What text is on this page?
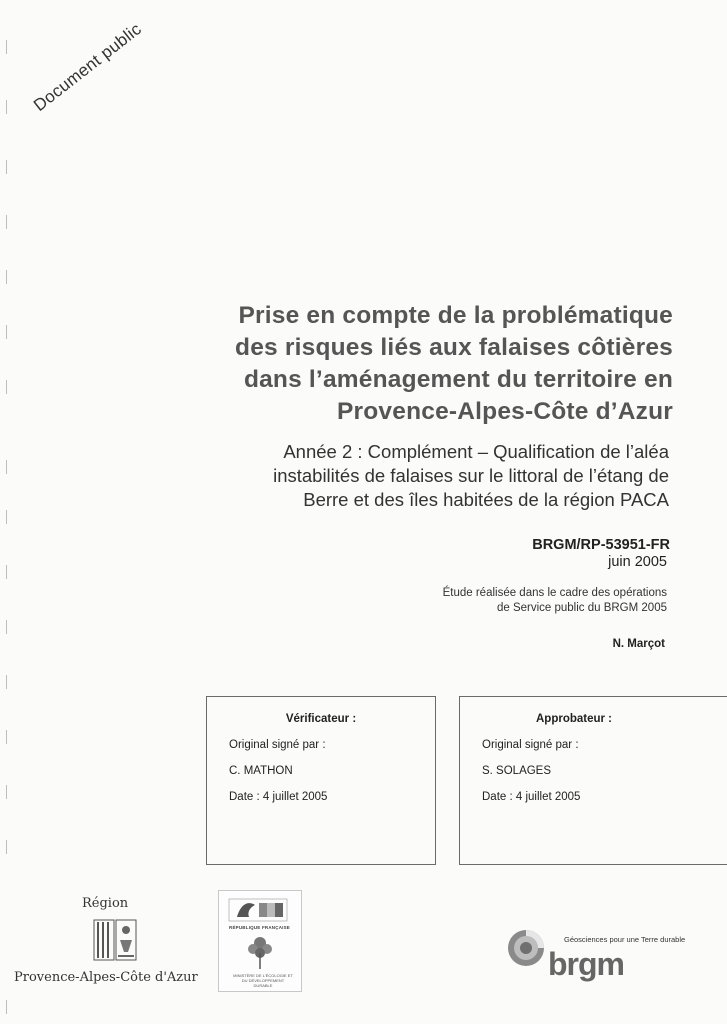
Document public
Prise en compte de la problématique
des risques liés aux falaises côtières
dans l’aménagement du territoire en
Provence-Alpes-Côte d’Azur
Année 2 : Complément – Qualification de l’aléa
instabilités de falaises sur le littoral de l’étang de
Berre et des îles habitées de la région PACA
BRGM/RP-53951-FR
juin 2005
Étude réalisée dans le cadre des opérations
de Service public du BRGM 2005
N. Marçot
Vérificateur :
Original signé par :
C. MATHON
Date : 4 juillet 2005
Approbateur :
Original signé par :
S. SOLAGES
Date : 4 juillet 2005
Région
Provence-Alpes-Côte d'Azur
RÉPUBLIQUE FRANÇAISE
MINISTÈRE DE L'ÉCOLOGIE ET DU DÉVELOPPEMENT DURABLE
Géosciences pour une Terre durable
brgm
